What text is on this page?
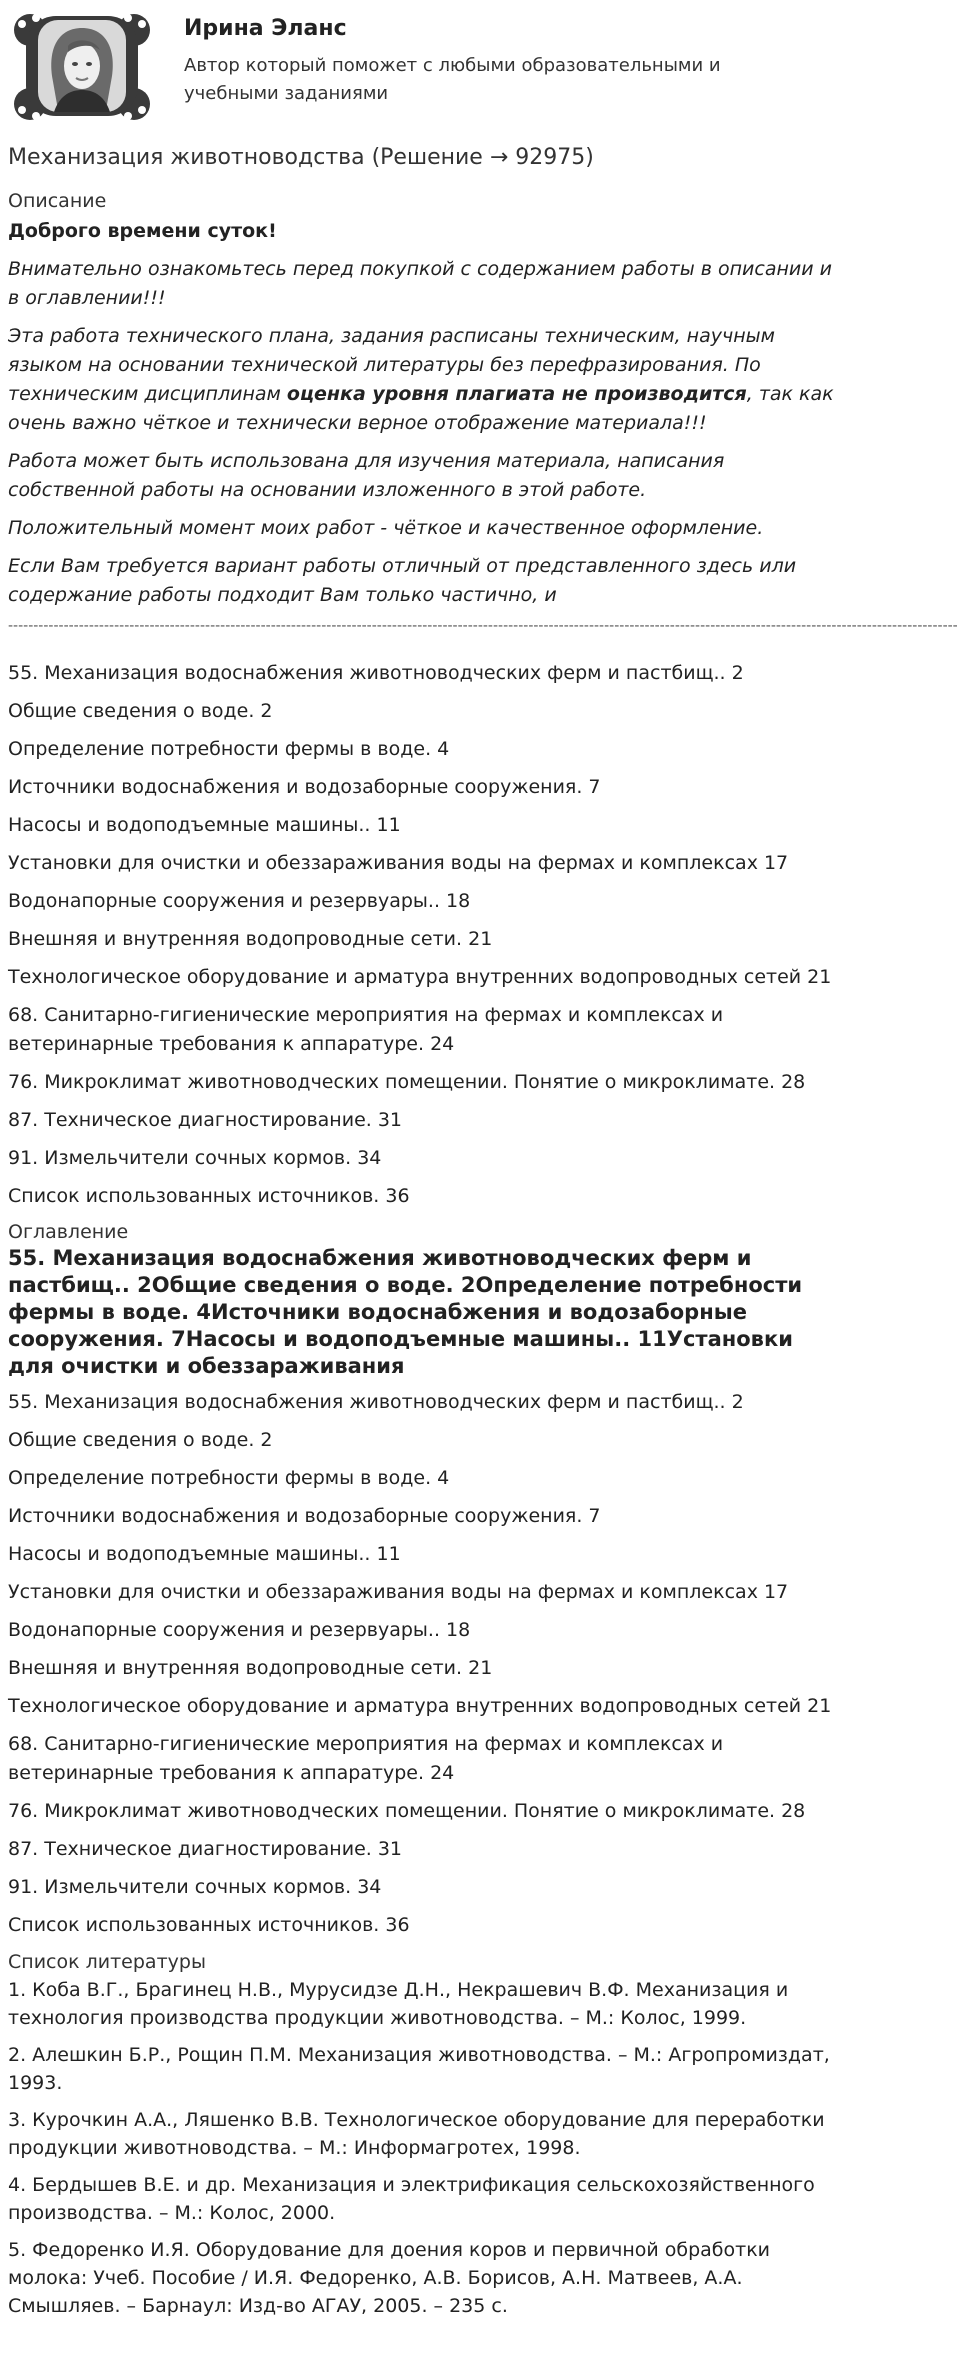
Ирина Эланс
Автор который поможет с любыми образовательными и учебными заданиями
Механизация животноводства (Решение → 92975)

Описание

Доброго времени суток!

Внимательно ознакомьтесь перед покупкой с содержанием работы в описании и в оглавлении!!!

Эта работа технического плана, задания расписаны техническим, научным языком на основании технической литературы без перефразирования. По техническим дисциплинам оценка уровня плагиата не производится, так как очень важно чёткое и технически верное отображение материала!!!

Работа может быть использована для изучения материала, написания собственной работы на основании изложенного в этой работе.

Положительный момент моих работ - чёткое и качественное оформление.

Если Вам требуется вариант работы отличный от представленного здесь или содержание работы подходит Вам только частично, и

--------------------------------------------------------------------------------------------------------------------------------------------------------------------------------------------

55. Механизация водоснабжения животноводческих ферм и пастбищ.. 2

Общие сведения о воде. 2

Определение потребности фермы в воде. 4

Источники водоснабжения и водозаборные сооружения. 7

Насосы и водоподъемные машины.. 11

Установки для очистки и обеззараживания воды на фермах и комплексах 17

Водонапорные сооружения и резервуары.. 18

Внешняя и внутренняя водопроводные сети. 21

Технологическое оборудование и арматура внутренних водопроводных сетей 21

68. Санитарно-гигиенические мероприятия на фермах и комплексах и ветеринарные требования к аппаратуре. 24

76. Микроклимат животноводческих помещении. Понятие о микроклимате. 28

87. Техническое диагностирование. 31

91. Измельчители сочных кормов. 34

Список использованных источников. 36

Оглавление

55. Механизация водоснабжения животноводческих ферм и пастбищ.. 2Общие сведения о воде. 2Определение потребности фермы в воде. 4Источники водоснабжения и водозаборные сооружения. 7Насосы и водоподъемные машины.. 11Установки для очистки и обеззараживания

55. Механизация водоснабжения животноводческих ферм и пастбищ.. 2

Общие сведения о воде. 2

Определение потребности фермы в воде. 4

Источники водоснабжения и водозаборные сооружения. 7

Насосы и водоподъемные машины.. 11

Установки для очистки и обеззараживания воды на фермах и комплексах 17

Водонапорные сооружения и резервуары.. 18

Внешняя и внутренняя водопроводные сети. 21

Технологическое оборудование и арматура внутренних водопроводных сетей 21

68. Санитарно-гигиенические мероприятия на фермах и комплексах и ветеринарные требования к аппаратуре. 24

76. Микроклимат животноводческих помещении. Понятие о микроклимате. 28

87. Техническое диагностирование. 31

91. Измельчители сочных кормов. 34

Список использованных источников. 36

Список литературы

1. Коба В.Г., Брагинец Н.В., Мурусидзе Д.Н., Некрашевич В.Ф. Механизация и технология производства продукции животноводства. – М.: Колос, 1999.

2. Алешкин Б.Р., Рощин П.М. Механизация животноводства. – М.: Агропромиздат, 1993.

3. Курочкин А.А., Ляшенко В.В. Технологическое оборудование для переработки продукции животноводства. – М.: Информагротех, 1998.

4. Бердышев В.Е. и др. Механизация и электрификация сельскохозяйственного производства. – М.: Колос, 2000.

5. Федоренко И.Я. Оборудование для доения коров и первичной обработки молока: Учеб. Пособие / И.Я. Федоренко, А.В. Борисов, А.Н. Матвеев, А.А. Смышляев. – Барнаул: Изд-во АГАУ, 2005. – 235 с.
